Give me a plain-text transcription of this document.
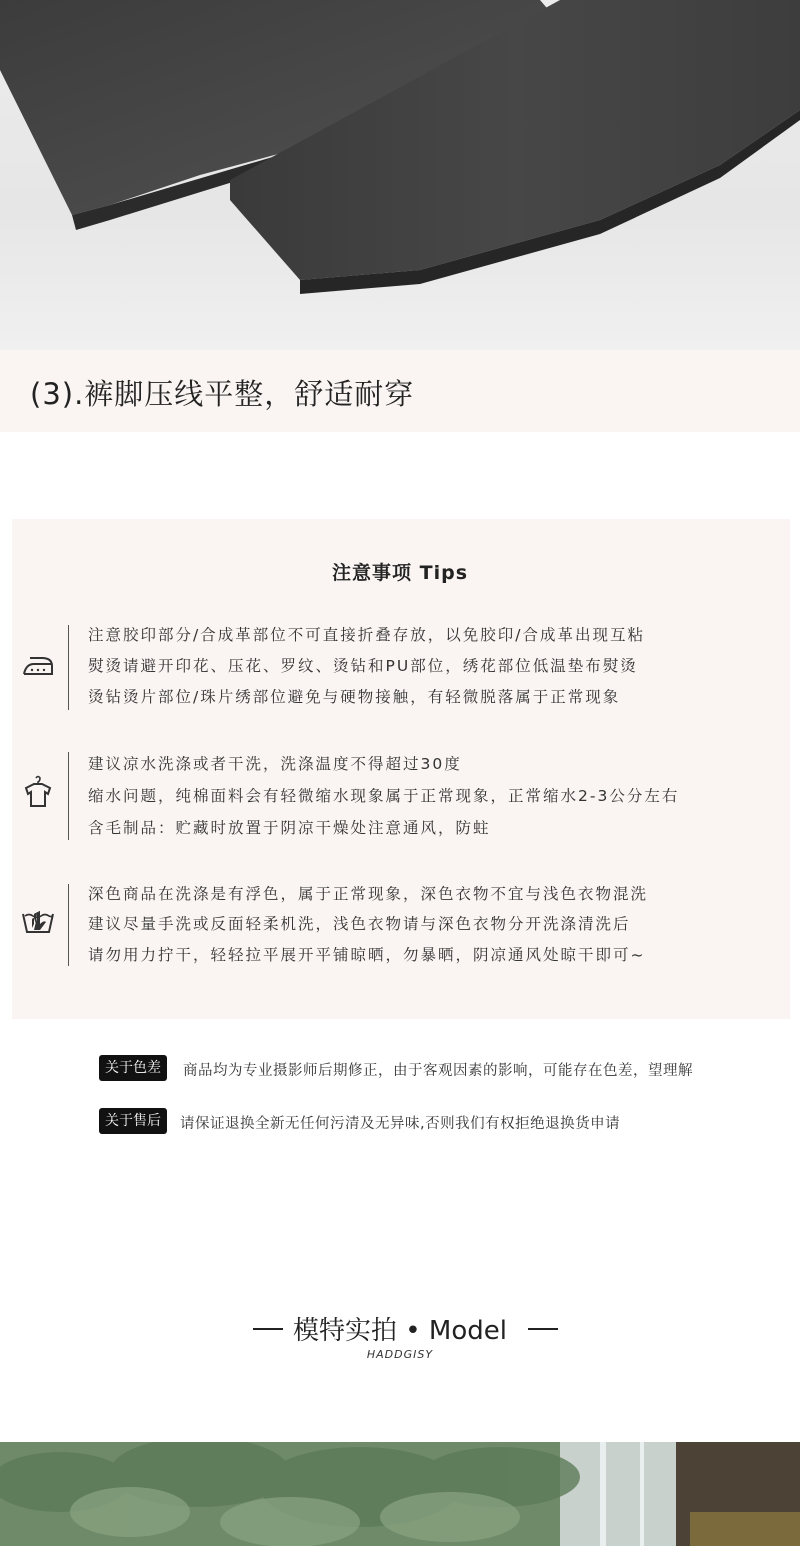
(3).裤脚压线平整，舒适耐穿
注意事项 Tips
注意胶印部分/合成革部位不可直接折叠存放，以免胶印/合成革出现互粘
熨烫请避开印花、压花、罗纹、烫钻和PU部位，绣花部位低温垫布熨烫
烫钻烫片部位/珠片绣部位避免与硬物接触，有轻微脱落属于正常现象
建议凉水洗涤或者干洗，洗涤温度不得超过30度
缩水问题，纯棉面料会有轻微缩水现象属于正常现象，正常缩水2-3公分左右
含毛制品：贮藏时放置于阴凉干燥处注意通风，防蛀
深色商品在洗涤是有浮色，属于正常现象，深色衣物不宜与浅色衣物混洗
建议尽量手洗或反面轻柔机洗，浅色衣物请与深色衣物分开洗涤清洗后
请勿用力拧干，轻轻拉平展开平铺晾晒，勿暴晒，阴凉通风处晾干即可~
关于色差	商品均为专业摄影师后期修正，由于客观因素的影响，可能存在色差，望理解
关于售后	请保证退换全新无任何污清及无异味,否则我们有权拒绝退换货申请
模特实拍 • Model
HADDGISY
